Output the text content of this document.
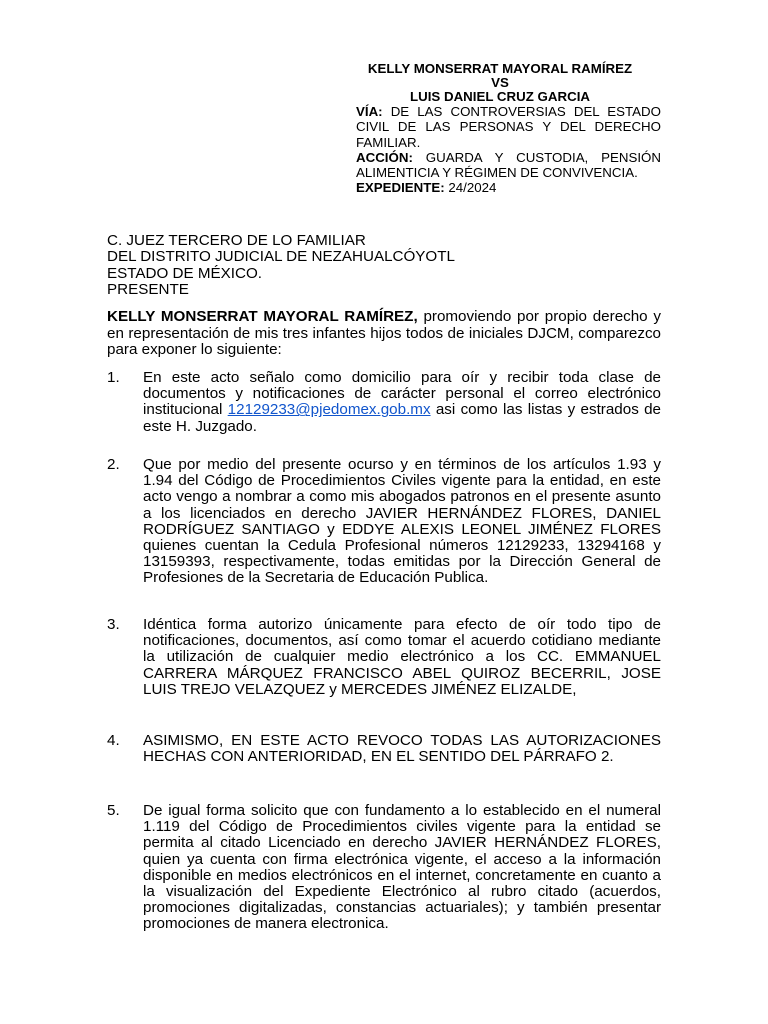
KELLY MONSERRAT MAYORAL RAMÍREZ
VS
LUIS DANIEL CRUZ GARCIA

VÍA: DE LAS CONTROVERSIAS DEL ESTADO CIVIL DE LAS PERSONAS Y DEL DERECHO FAMILIAR.

ACCIÓN: GUARDA Y CUSTODIA, PENSIÓN ALIMENTICIA Y RÉGIMEN DE CONVIVENCIA.

EXPEDIENTE: 24/2024

C. JUEZ TERCERO DE LO FAMILIAR
DEL DISTRITO JUDICIAL DE NEZAHUALCÓYOTL
ESTADO DE MÉXICO.
PRESENTE

KELLY MONSERRAT MAYORAL RAMÍREZ, promoviendo por propio derecho y en representación de mis tres infantes hijos todos de iniciales DJCM, comparezco para exponer lo siguiente:

1.	En este acto señalo como domicilio para oír y recibir toda clase de documentos y notificaciones de carácter personal el correo electrónico institucional 12129233@pjedomex.gob.mx asi como las listas y estrados de este H. Juzgado.
2.	Que por medio del presente ocurso y en términos de los artículos 1.93 y 1.94 del Código de Procedimientos Civiles vigente para la entidad, en este acto vengo a nombrar a como mis abogados patronos en el presente asunto a los licenciados en derecho JAVIER HERNÁNDEZ FLORES, DANIEL RODRÍGUEZ SANTIAGO y EDDYE ALEXIS LEONEL JIMÉNEZ FLORES quienes cuentan la Cedula Profesional números 12129233, 13294168 y 13159393, respectivamente, todas emitidas por la Dirección General de Profesiones de la Secretaria de Educación Publica.
3.	Idéntica forma autorizo únicamente para efecto de oír todo tipo de notificaciones, documentos, así como tomar el acuerdo cotidiano mediante la utilización de cualquier medio electrónico a los CC. EMMANUEL CARRERA MÁRQUEZ FRANCISCO ABEL QUIROZ BECERRIL, JOSE LUIS TREJO VELAZQUEZ y MERCEDES JIMÉNEZ ELIZALDE,
4.	ASIMISMO, EN ESTE ACTO REVOCO TODAS LAS AUTORIZACIONES HECHAS CON ANTERIORIDAD, EN EL SENTIDO DEL PÁRRAFO 2.
5.	De igual forma solicito que con fundamento a lo establecido en el numeral 1.119 del Código de Procedimientos civiles vigente para la entidad se permita al citado Licenciado en derecho JAVIER HERNÁNDEZ FLORES, quien ya cuenta con firma electrónica vigente, el acceso a la información disponible en medios electrónicos en el internet, concretamente en cuanto a la visualización del Expediente Electrónico al rubro citado (acuerdos, promociones digitalizadas, constancias actuariales); y también presentar promociones de manera electronica.
